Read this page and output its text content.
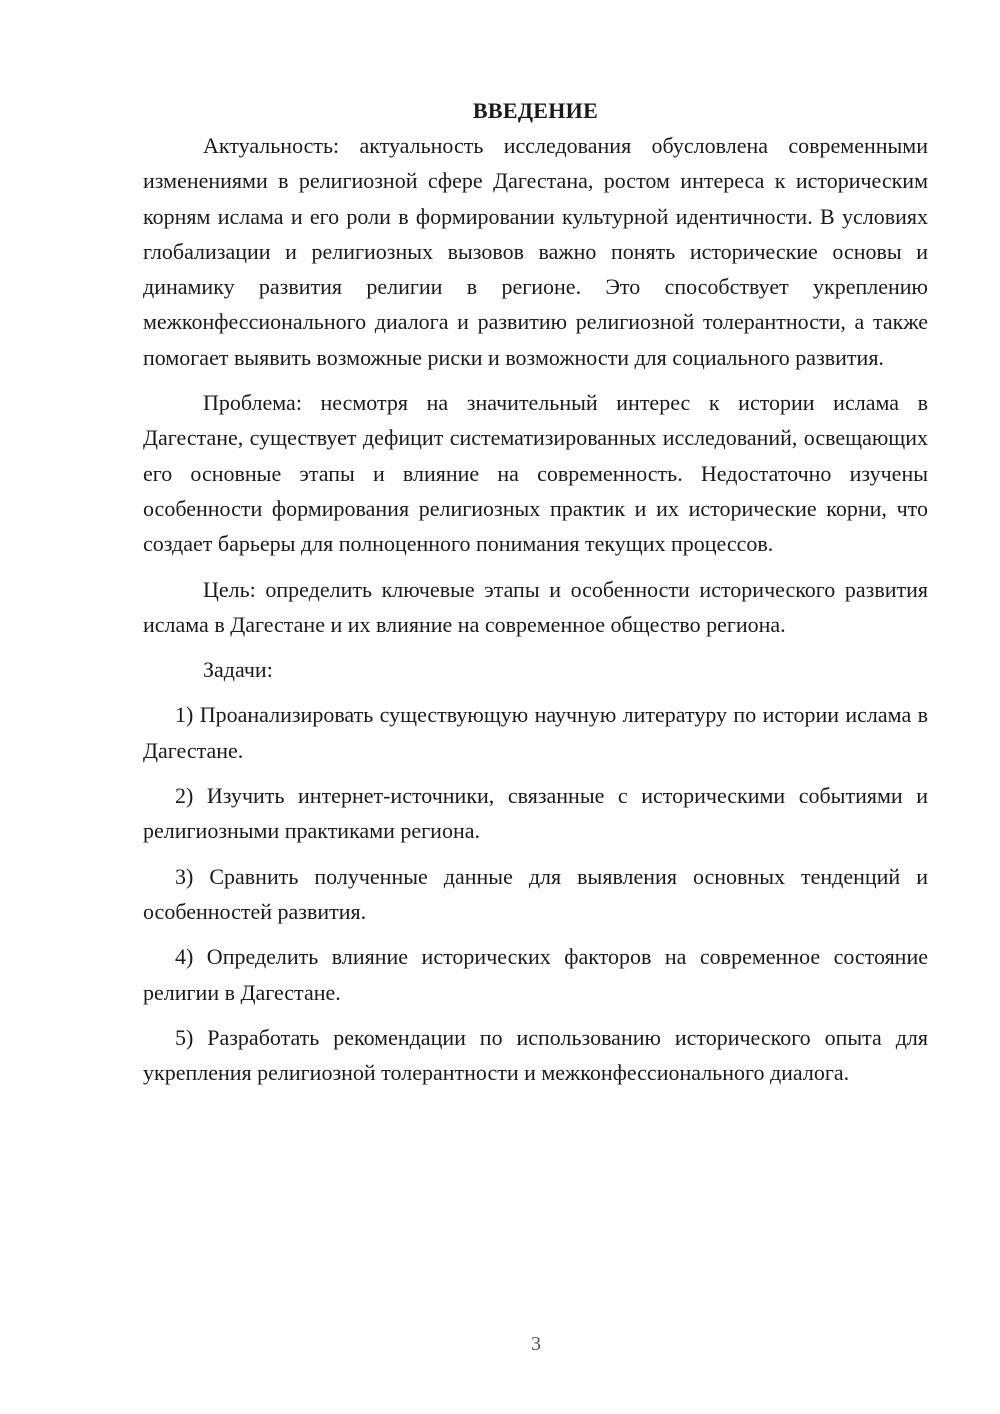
ВВЕДЕНИЕ

Актуальность: актуальность исследования обусловлена современными изменениями в религиозной сфере Дагестана, ростом интереса к историческим корням ислама и его роли в формировании культурной идентичности. В условиях глобализации и религиозных вызовов важно понять исторические основы и динамику развития религии в регионе. Это способствует укреплению межконфессионального диалога и развитию религиозной толерантности, а также помогает выявить возможные риски и возможности для социального развития.

Проблема: несмотря на значительный интерес к истории ислама в Дагестане, существует дефицит систематизированных исследований, освещающих его основные этапы и влияние на современность. Недостаточно изучены особенности формирования религиозных практик и их исторические корни, что создает барьеры для полноценного понимания текущих процессов.

Цель: определить ключевые этапы и особенности исторического развития ислама в Дагестане и их влияние на современное общество региона.

Задачи:

1) Проанализировать существующую научную литературу по истории ислама в Дагестане.

2) Изучить интернет-источники, связанные с историческими событиями и религиозными практиками региона.

3) Сравнить полученные данные для выявления основных тенденций и особенностей развития.

4) Определить влияние исторических факторов на современное состояние религии в Дагестане.

5) Разработать рекомендации по использованию исторического опыта для укрепления религиозной толерантности и межконфессионального диалога.

3
